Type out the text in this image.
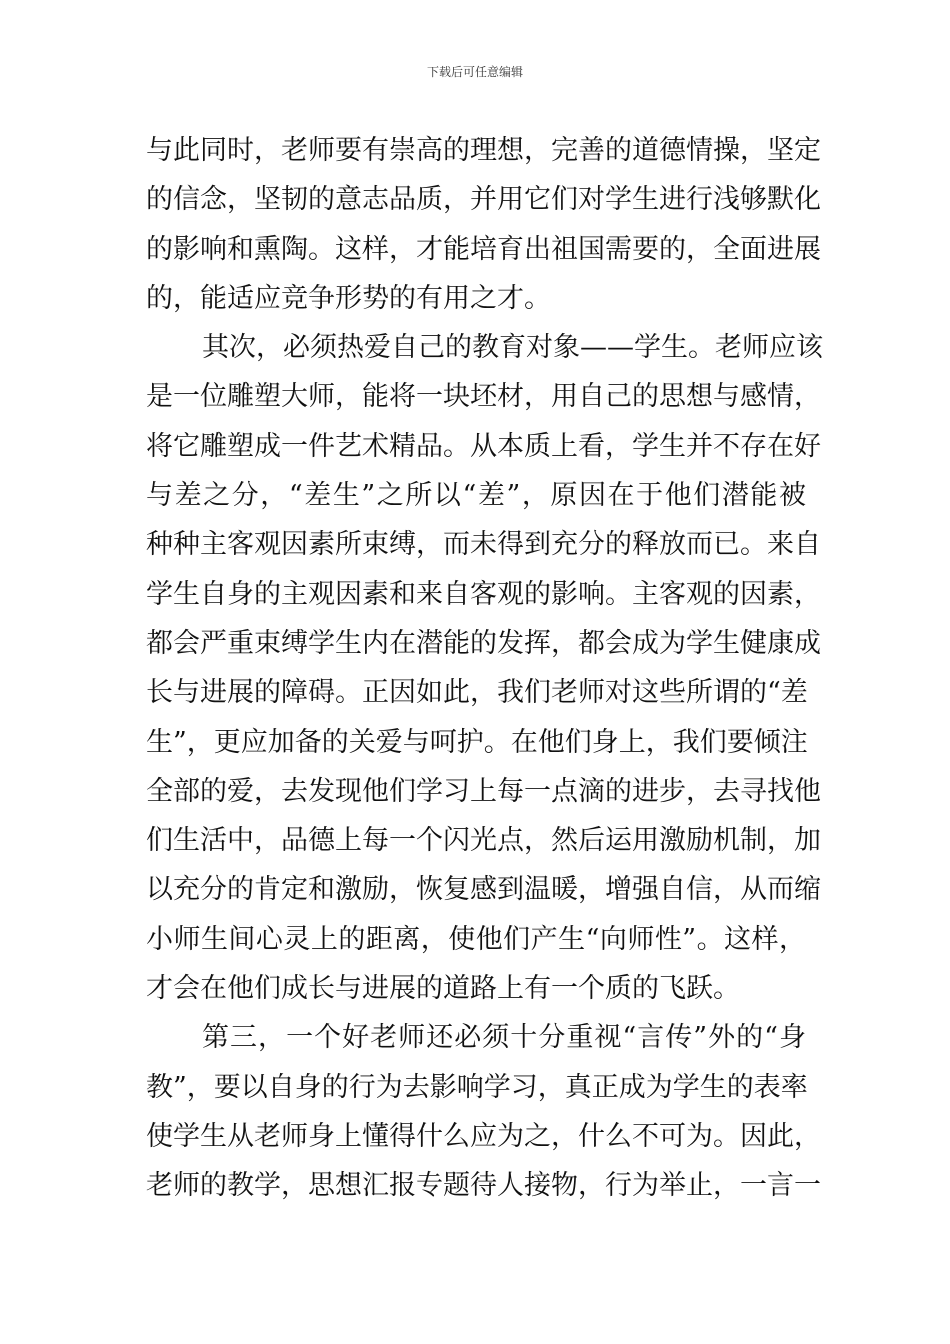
下载后可任意编辑
与此同时，老师要有崇高的理想，完善的道德情操，坚定
的信念，坚韧的意志品质，并用它们对学生进行浅够默化
的影响和熏陶。这样，才能培育出祖国需要的，全面进展
的，能适应竞争形势的有用之才。
其次，必须热爱自己的教育对象——学生。老师应该
是一位雕塑大师，能将一块坯材，用自己的思想与感情，
将它雕塑成一件艺术精品。从本质上看，学生并不存在好
与差之分，“差生”之所以“差”，原因在于他们潜能被
种种主客观因素所束缚，而未得到充分的释放而已。来自
学生自身的主观因素和来自客观的影响。主客观的因素，
都会严重束缚学生内在潜能的发挥，都会成为学生健康成
长与进展的障碍。正因如此，我们老师对这些所谓的“差
生”，更应加备的关爱与呵护。在他们身上，我们要倾注
全部的爱，去发现他们学习上每一点滴的进步，去寻找他
们生活中，品德上每一个闪光点，然后运用激励机制，加
以充分的肯定和激励，恢复感到温暖，增强自信，从而缩
小师生间心灵上的距离，使他们产生“向师性”。这样，
才会在他们成长与进展的道路上有一个质的飞跃。
第三，一个好老师还必须十分重视“言传”外的“身
教”，要以自身的行为去影响学习，真正成为学生的表率
使学生从老师身上懂得什么应为之，什么不可为。因此，
老师的教学，思想汇报专题待人接物，行为举止，一言一
